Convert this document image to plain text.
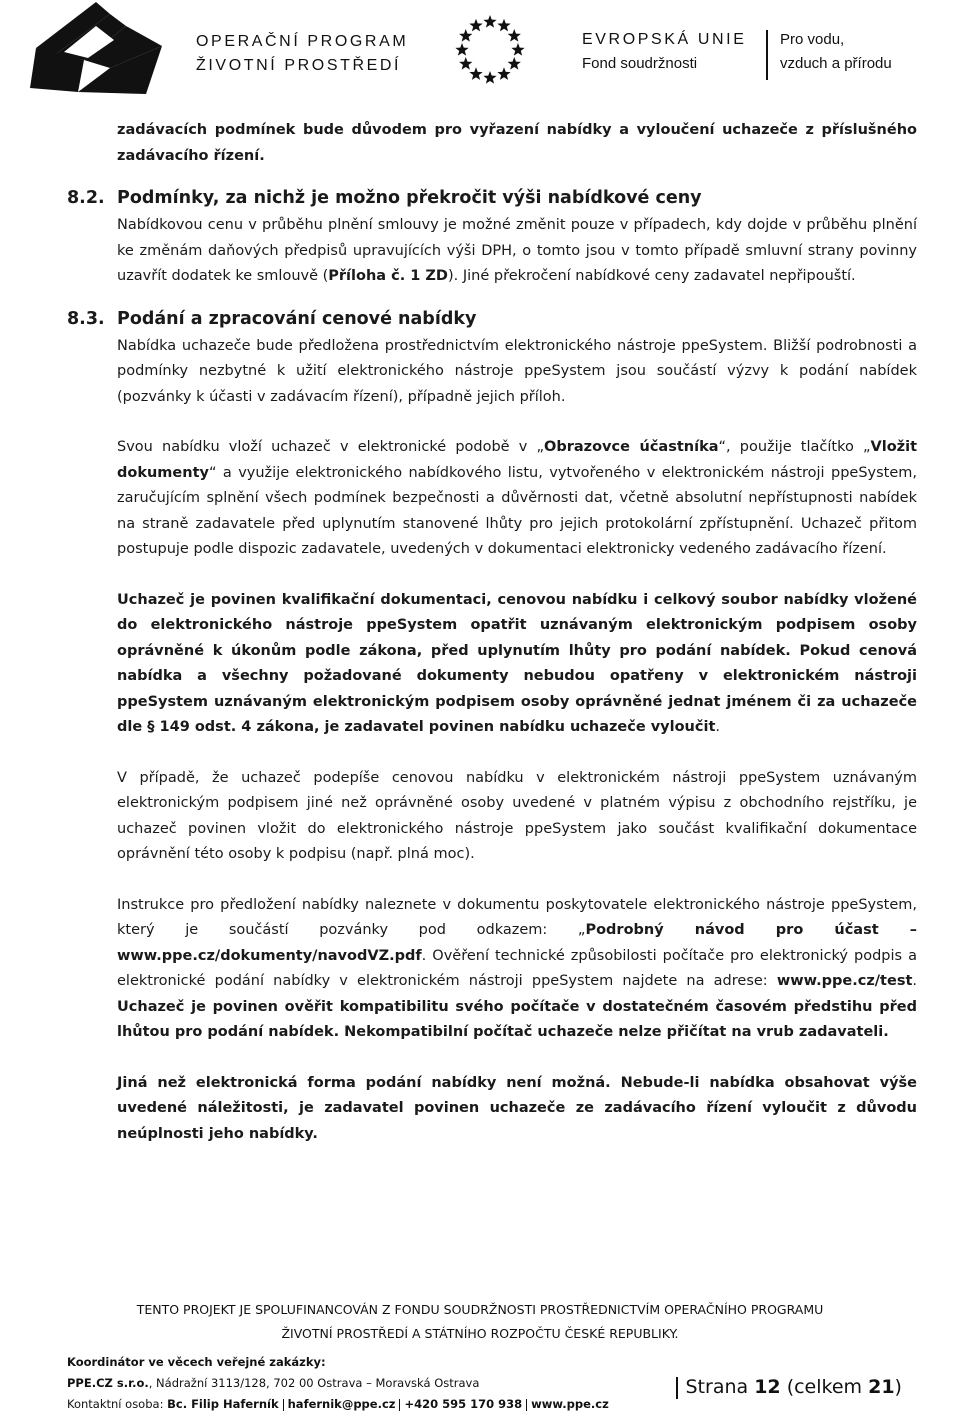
OPERAČNÍ PROGRAM
ŽIVOTNÍ PROSTŘEDÍ
EVROPSKÁ UNIE
Fond soudržnosti
Pro vodu,
vzduch a přírodu

zadávacích podmínek bude důvodem pro vyřazení nabídky a vyloučení uchazeče z příslušného zadávacího řízení.

8.2. Podmínky, za nichž je možno překročit výši nabídkové ceny

Nabídkovou cenu v průběhu plnění smlouvy je možné změnit pouze v případech, kdy dojde v průběhu plnění ke změnám daňových předpisů upravujících výši DPH, o tomto jsou v tomto případě smluvní strany povinny uzavřít dodatek ke smlouvě (Příloha č. 1 ZD). Jiné překročení nabídkové ceny zadavatel nepřipouští.

8.3. Podání a zpracování cenové nabídky

Nabídka uchazeče bude předložena prostřednictvím elektronického nástroje ppeSystem. Bližší podrobnosti a podmínky nezbytné k užití elektronického nástroje ppeSystem jsou součástí výzvy k podání nabídek (pozvánky k účasti v zadávacím řízení), případně jejich příloh.

Svou nabídku vloží uchazeč v elektronické podobě v „Obrazovce účastníka“, použije tlačítko „Vložit dokumenty“ a využije elektronického nabídkového listu, vytvořeného v elektronickém nástroji ppeSystem, zaručujícím splnění všech podmínek bezpečnosti a důvěrnosti dat, včetně absolutní nepřístupnosti nabídek na straně zadavatele před uplynutím stanovené lhůty pro jejich protokolární zpřístupnění. Uchazeč přitom postupuje podle dispozic zadavatele, uvedených v dokumentaci elektronicky vedeného zadávacího řízení.

Uchazeč je povinen kvalifikační dokumentaci, cenovou nabídku i celkový soubor nabídky vložené do elektronického nástroje ppeSystem opatřit uznávaným elektronickým podpisem osoby oprávněné k úkonům podle zákona, před uplynutím lhůty pro podání nabídek. Pokud cenová nabídka a všechny požadované dokumenty nebudou opatřeny v elektronickém nástroji ppeSystem uznávaným elektronickým podpisem osoby oprávněné jednat jménem či za uchazeče dle § 149 odst. 4 zákona, je zadavatel povinen nabídku uchazeče vyloučit.

V případě, že uchazeč podepíše cenovou nabídku v elektronickém nástroji ppeSystem uznávaným elektronickým podpisem jiné než oprávněné osoby uvedené v platném výpisu z obchodního rejstříku, je uchazeč povinen vložit do elektronického nástroje ppeSystem jako součást kvalifikační dokumentace oprávnění této osoby k podpisu (např. plná moc).

Instrukce pro předložení nabídky naleznete v dokumentu poskytovatele elektronického nástroje ppeSystem, který je součástí pozvánky pod odkazem: „Podrobný návod pro účast – www.ppe.cz/dokumenty/navodVZ.pdf. Ověření technické způsobilosti počítače pro elektronický podpis a elektronické podání nabídky v elektronickém nástroji ppeSystem najdete na adrese: www.ppe.cz/test. Uchazeč je povinen ověřit kompatibilitu svého počítače v dostatečném časovém předstihu před lhůtou pro podání nabídek. Nekompatibilní počítač uchazeče nelze přičítat na vrub zadavateli.

Jiná než elektronická forma podání nabídky není možná. Nebude-li nabídka obsahovat výše uvedené náležitosti, je zadavatel povinen uchazeče ze zadávacího řízení vyloučit z důvodu neúplnosti jeho nabídky.

TENTO PROJEKT JE SPOLUFINANCOVÁN Z FONDU SOUDRŽNOSTI PROSTŘEDNICTVÍM OPERAČNÍHO PROGRAMU
ŽIVOTNÍ PROSTŘEDÍ A STÁTNÍHO ROZPOČTU ČESKÉ REPUBLIKY.
Koordinátor ve věcech veřejné zakázky:
PPE.CZ s.r.o., Nádražní 3113/128, 702 00 Ostrava – Moravská Ostrava
Kontaktní osoba: Bc. Filip Haferník hafernik@ppe.cz +420 595 170 938 www.ppe.cz
Strana 12 (celkem 21)
